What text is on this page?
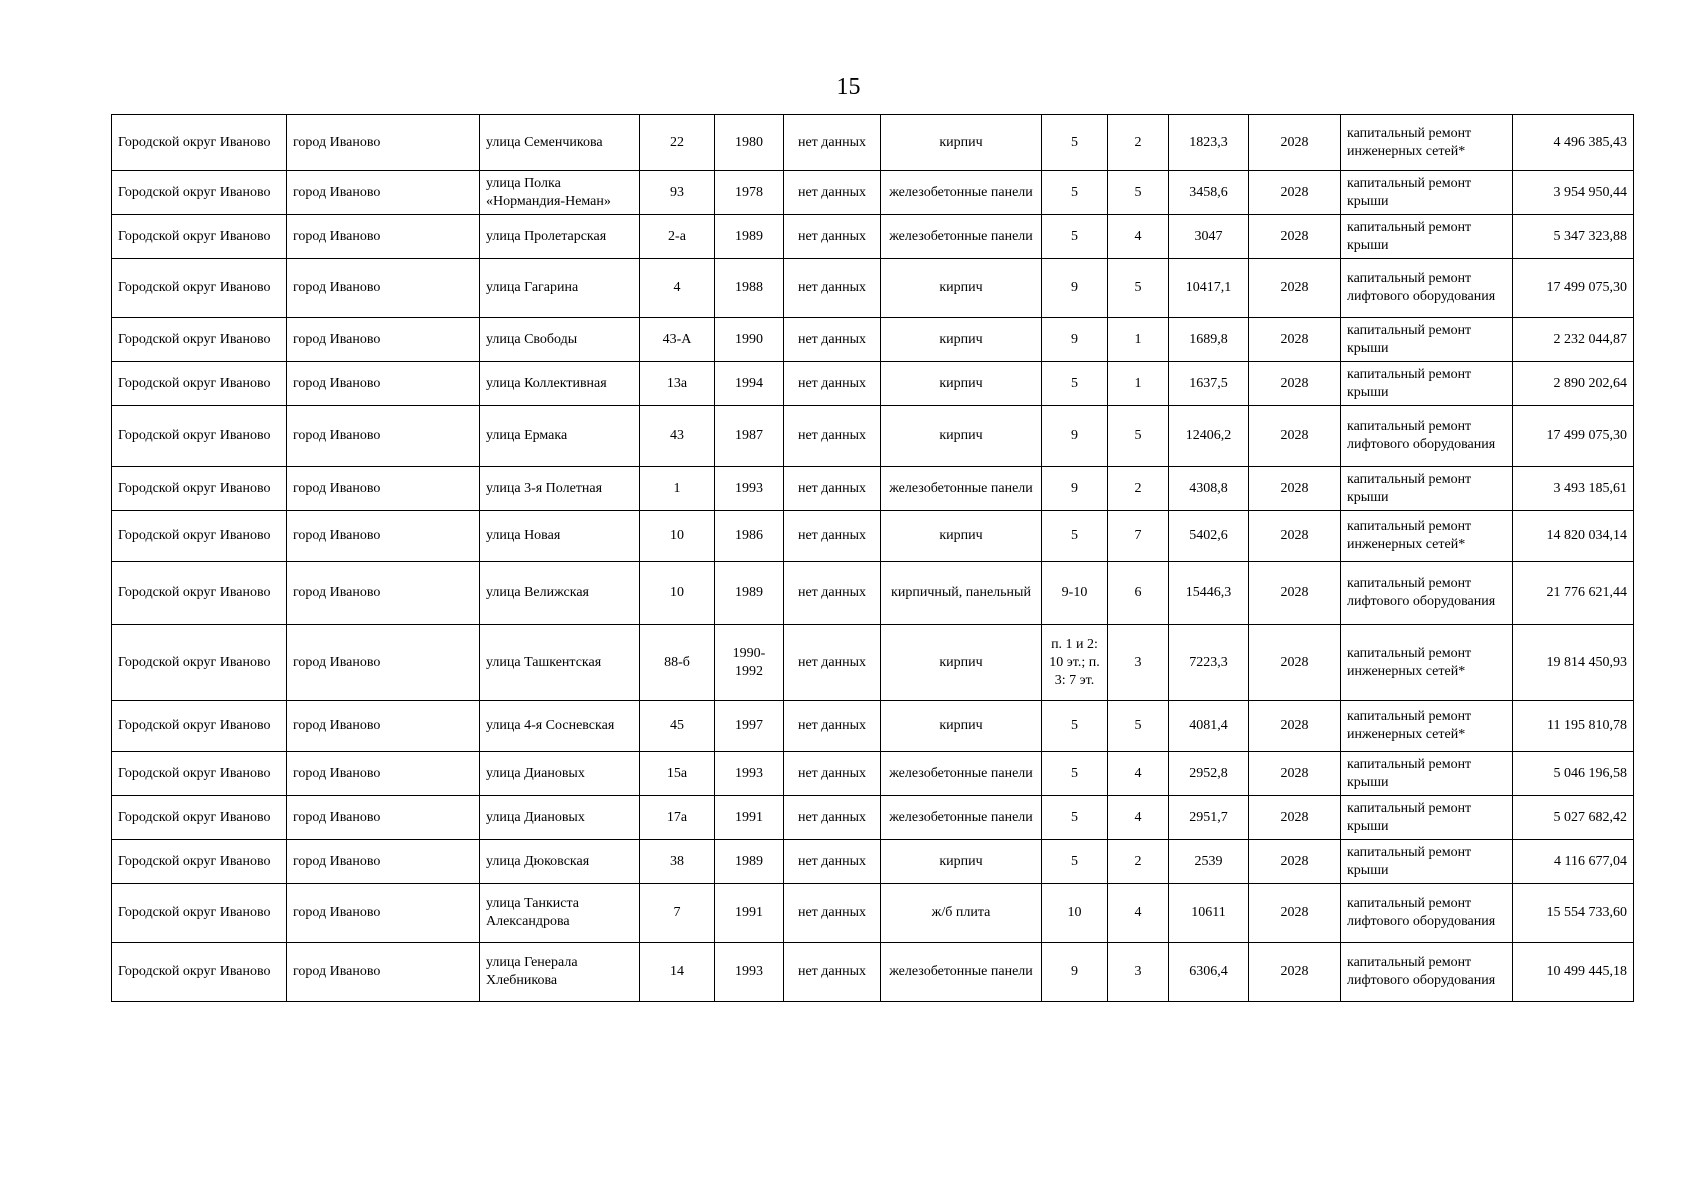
15
Городской округ Иваново	город Иваново	улица Семенчикова	22	1980	нет данных	кирпич	5	2	1823,3	2028	капитальный ремонт инженерных сетей*	4 496 385,43
Городской округ Иваново	город Иваново	улица Полка «Нормандия-Неман»	93	1978	нет данных	железобетонные панели	5	5	3458,6	2028	капитальный ремонт крыши	3 954 950,44
Городской округ Иваново	город Иваново	улица Пролетарская	2-а	1989	нет данных	железобетонные панели	5	4	3047	2028	капитальный ремонт крыши	5 347 323,88
Городской округ Иваново	город Иваново	улица Гагарина	4	1988	нет данных	кирпич	9	5	10417,1	2028	капитальный ремонт лифтового оборудования	17 499 075,30
Городской округ Иваново	город Иваново	улица Свободы	43-А	1990	нет данных	кирпич	9	1	1689,8	2028	капитальный ремонт крыши	2 232 044,87
Городской округ Иваново	город Иваново	улица Коллективная	13а	1994	нет данных	кирпич	5	1	1637,5	2028	капитальный ремонт крыши	2 890 202,64
Городской округ Иваново	город Иваново	улица Ермака	43	1987	нет данных	кирпич	9	5	12406,2	2028	капитальный ремонт лифтового оборудования	17 499 075,30
Городской округ Иваново	город Иваново	улица 3-я Полетная	1	1993	нет данных	железобетонные панели	9	2	4308,8	2028	капитальный ремонт крыши	3 493 185,61
Городской округ Иваново	город Иваново	улица Новая	10	1986	нет данных	кирпич	5	7	5402,6	2028	капитальный ремонт инженерных сетей*	14 820 034,14
Городской округ Иваново	город Иваново	улица Велижская	10	1989	нет данных	кирпичный, панельный	9-10	6	15446,3	2028	капитальный ремонт лифтового оборудования	21 776 621,44
Городской округ Иваново	город Иваново	улица Ташкентская	88-б	1990-1992	нет данных	кирпич	п. 1 и 2: 10 эт.; п. 3: 7 эт.	3	7223,3	2028	капитальный ремонт инженерных сетей*	19 814 450,93
Городской округ Иваново	город Иваново	улица 4-я Сосневская	45	1997	нет данных	кирпич	5	5	4081,4	2028	капитальный ремонт инженерных сетей*	11 195 810,78
Городской округ Иваново	город Иваново	улица Диановых	15а	1993	нет данных	железобетонные панели	5	4	2952,8	2028	капитальный ремонт крыши	5 046 196,58
Городской округ Иваново	город Иваново	улица Диановых	17а	1991	нет данных	железобетонные панели	5	4	2951,7	2028	капитальный ремонт крыши	5 027 682,42
Городской округ Иваново	город Иваново	улица Дюковская	38	1989	нет данных	кирпич	5	2	2539	2028	капитальный ремонт крыши	4 116 677,04
Городской округ Иваново	город Иваново	улица Танкиста Александрова	7	1991	нет данных	ж/б плита	10	4	10611	2028	капитальный ремонт лифтового оборудования	15 554 733,60
Городской округ Иваново	город Иваново	улица Генерала Хлебникова	14	1993	нет данных	железобетонные панели	9	3	6306,4	2028	капитальный ремонт лифтового оборудования	10 499 445,18
